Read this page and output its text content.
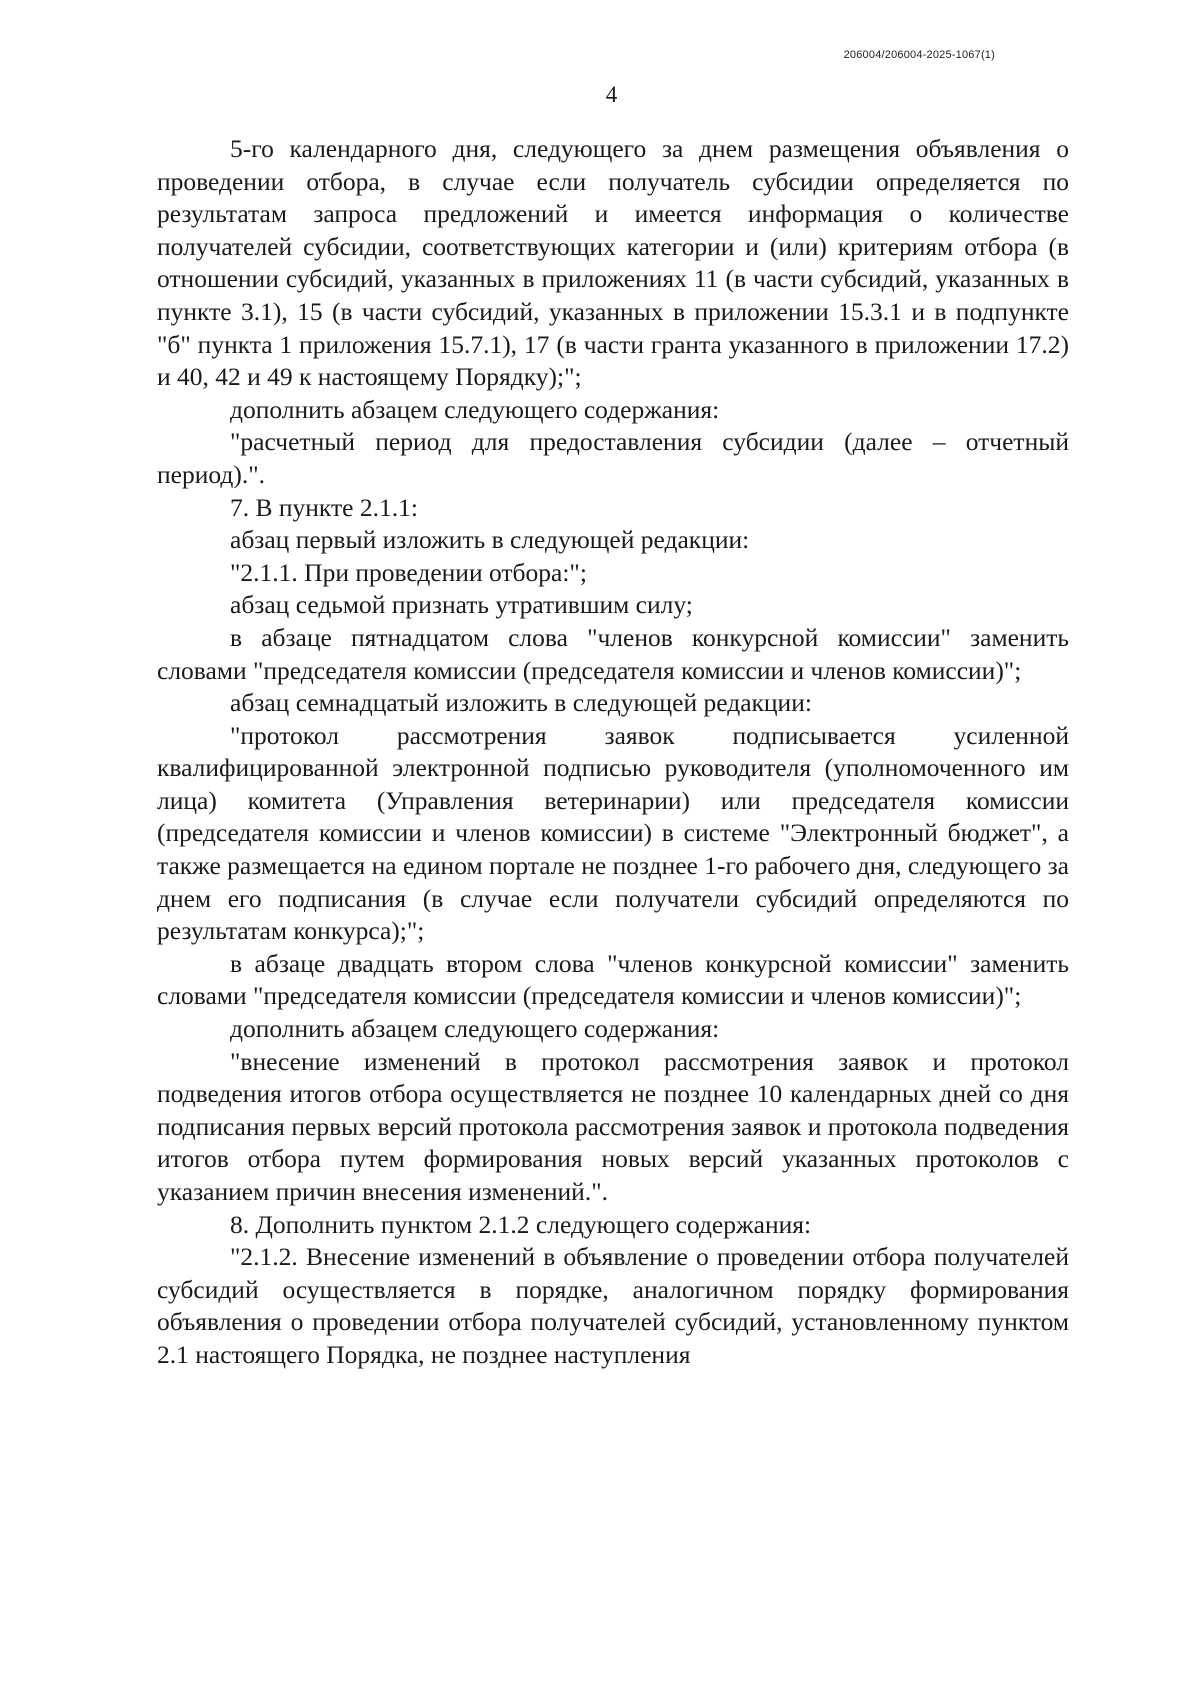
206004/206004-2025-1067(1)
4

5-го календарного дня, следующего за днем размещения объявления о проведении отбора, в случае если получатель субсидии определяется по результатам запроса предложений и имеется информация о количестве получателей субсидии, соответствующих категории и (или) критериям отбора (в отношении субсидий, указанных в приложениях 11 (в части субсидий, указанных в пункте 3.1), 15 (в части субсидий, указанных в приложении 15.3.1 и в подпункте "б" пункта 1 приложения 15.7.1), 17 (в части гранта указанного в приложении 17.2) и 40, 42 и 49 к настоящему Порядку);";

дополнить абзацем следующего содержания:

"расчетный период для предоставления субсидии (далее – отчетный период).".

7. В пункте 2.1.1:

абзац первый изложить в следующей редакции:

"2.1.1. При проведении отбора:";

абзац седьмой признать утратившим силу;

в абзаце пятнадцатом слова "членов конкурсной комиссии" заменить словами "председателя комиссии (председателя комиссии и членов комиссии)";

абзац семнадцатый изложить в следующей редакции:

"протокол рассмотрения заявок подписывается усиленной квалифицированной электронной подписью руководителя (уполномоченного им лица) комитета (Управления ветеринарии) или председателя комиссии (председателя комиссии и членов комиссии) в системе "Электронный бюджет", а также размещается на едином портале не позднее 1-го рабочего дня, следующего за днем его подписания (в случае если получатели субсидий определяются по результатам конкурса);";

в абзаце двадцать втором слова "членов конкурсной комиссии" заменить словами "председателя комиссии (председателя комиссии и членов комиссии)";

дополнить абзацем следующего содержания:

"внесение изменений в протокол рассмотрения заявок и протокол подведения итогов отбора осуществляется не позднее 10 календарных дней со дня подписания первых версий протокола рассмотрения заявок и протокола подведения итогов отбора путем формирования новых версий указанных протоколов с указанием причин внесения изменений.".

8. Дополнить пунктом 2.1.2 следующего содержания:

"2.1.2. Внесение изменений в объявление о проведении отбора получателей субсидий осуществляется в порядке, аналогичном порядку формирования объявления о проведении отбора получателей субсидий, установленному пунктом 2.1 настоящего Порядка, не позднее наступления
